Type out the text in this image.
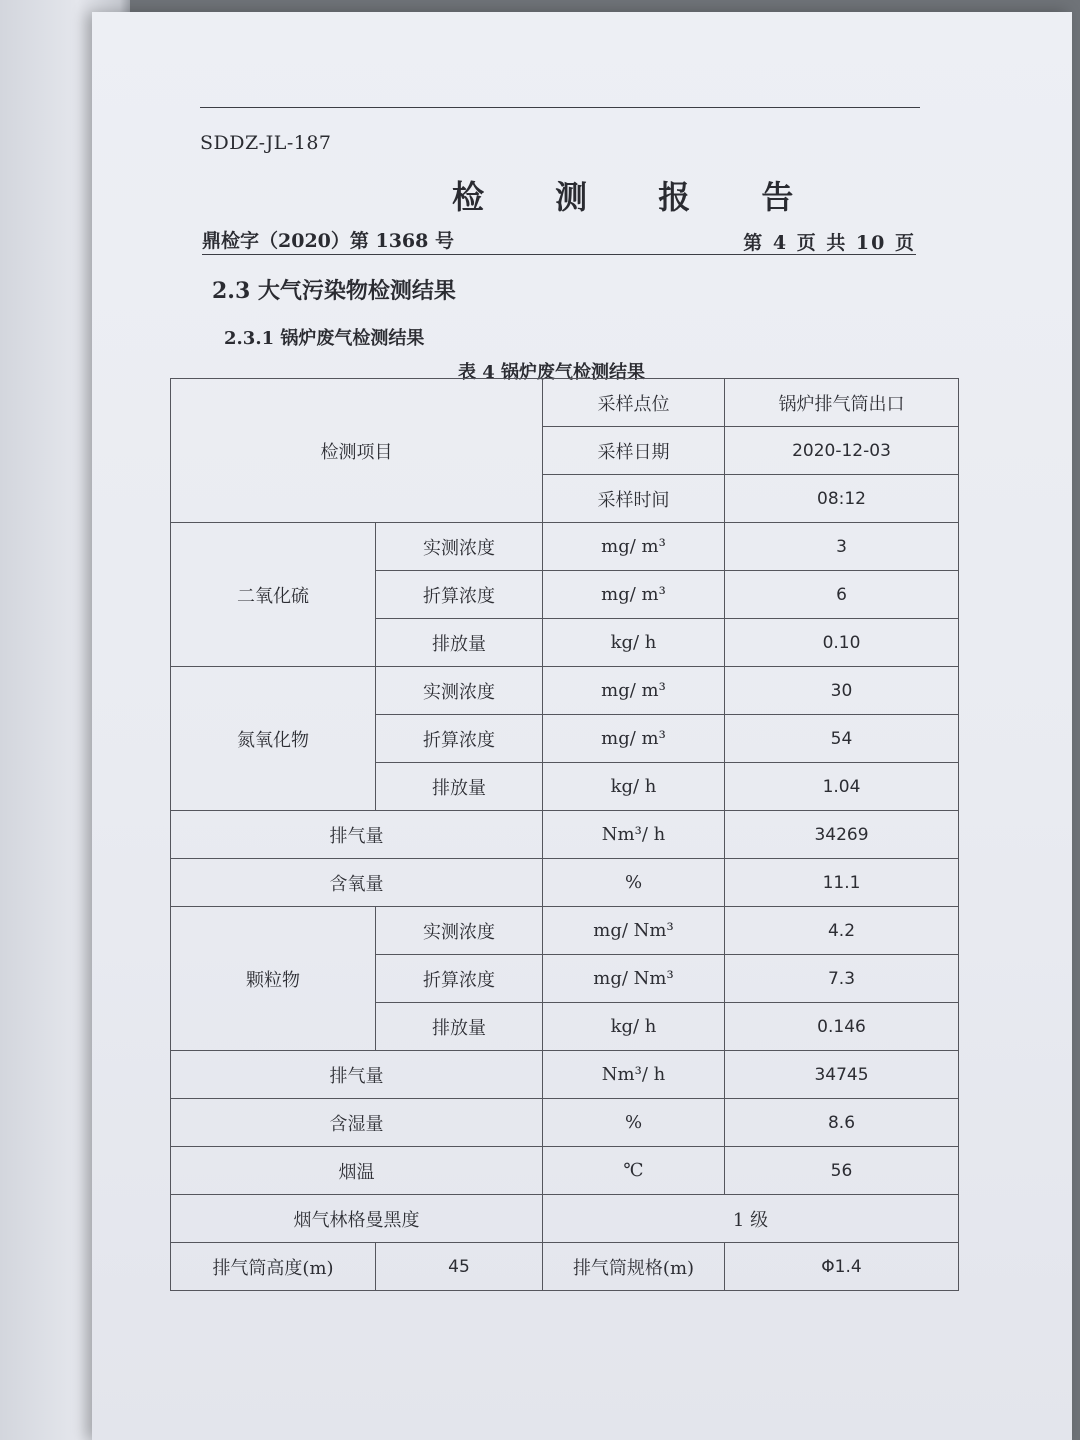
SDDZ-JL-187
检 测 报 告
鼎检字（2020）第 1368 号	第 4 页 共 10 页
2.3 大气污染物检测结果
2.3.1 锅炉废气检测结果
表 4 锅炉废气检测结果
检测项目		采样点位	锅炉排气筒出口
		采样日期	2020-12-03
		采样时间	08:12
二氧化硫	实测浓度	mg/ m³	3
	折算浓度	mg/ m³	6
	排放量	kg/ h	0.10
氮氧化物	实测浓度	mg/ m³	30
	折算浓度	mg/ m³	54
	排放量	kg/ h	1.04
排气量		Nm³/ h	34269
含氧量		%	11.1
颗粒物	实测浓度	mg/ Nm³	4.2
	折算浓度	mg/ Nm³	7.3
	排放量	kg/ h	0.146
排气量		Nm³/ h	34745
含湿量		%	8.6
烟温		℃	56
烟气林格曼黑度		1 级	
排气筒高度(m)	45	排气筒规格(m)	Φ1.4
